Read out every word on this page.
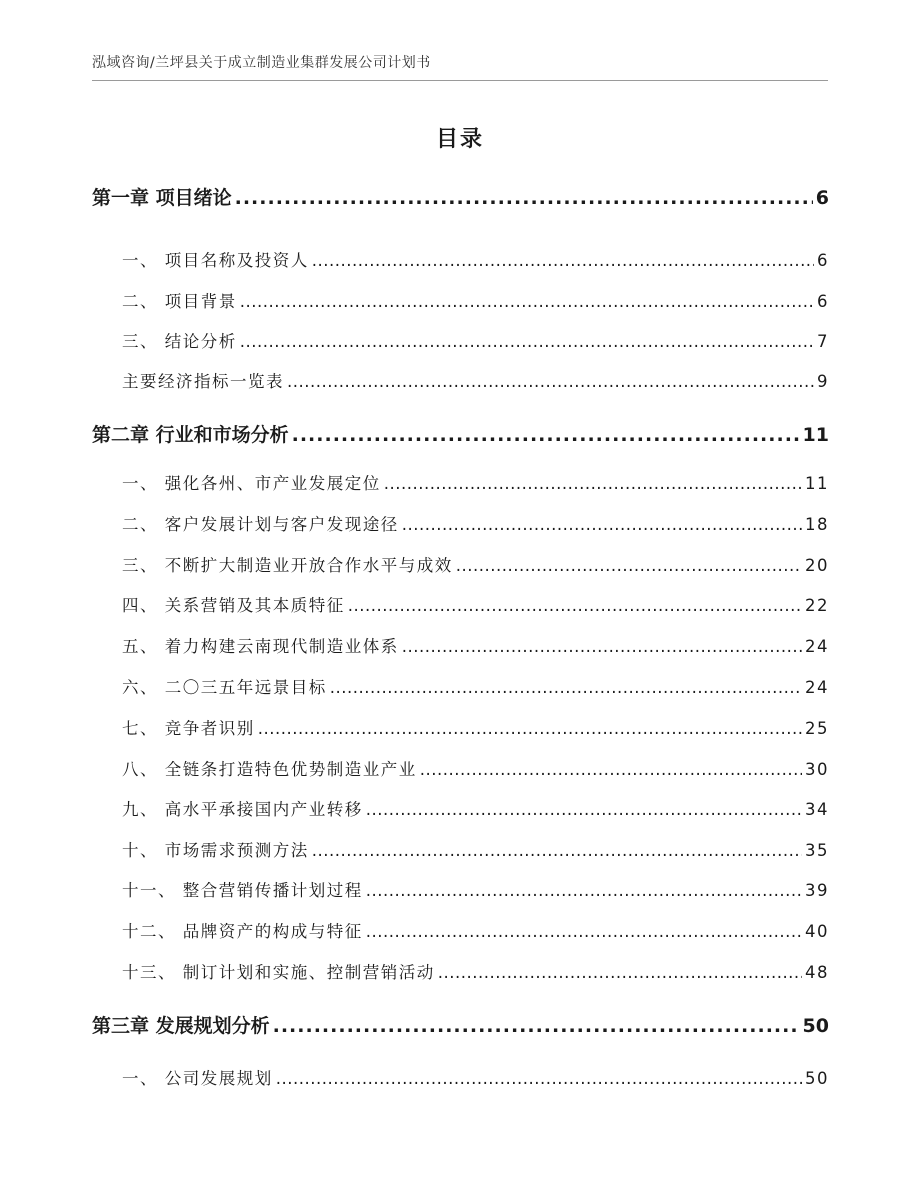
泓域咨询/兰坪县关于成立制造业集群发展公司计划书
目录
第一章 项目绪论 .....	6
一、 项目名称及投资人 .....	6
二、 项目背景 .....	6
三、 结论分析 .....	7
主要经济指标一览表 .....	9
第二章 行业和市场分析 .....	11
一、 强化各州、市产业发展定位 .....	11
二、 客户发展计划与客户发现途径 .....	18
三、 不断扩大制造业开放合作水平与成效 .....	20
四、 关系营销及其本质特征 .....	22
五、 着力构建云南现代制造业体系 .....	24
六、 二〇三五年远景目标 .....	24
七、 竞争者识别 .....	25
八、 全链条打造特色优势制造业产业 .....	30
九、 高水平承接国内产业转移 .....	34
十、 市场需求预测方法 .....	35
十一、 整合营销传播计划过程 .....	39
十二、 品牌资产的构成与特征 .....	40
十三、 制订计划和实施、控制营销活动 .....	48
第三章 发展规划分析 .....	50
一、 公司发展规划 .....	50
